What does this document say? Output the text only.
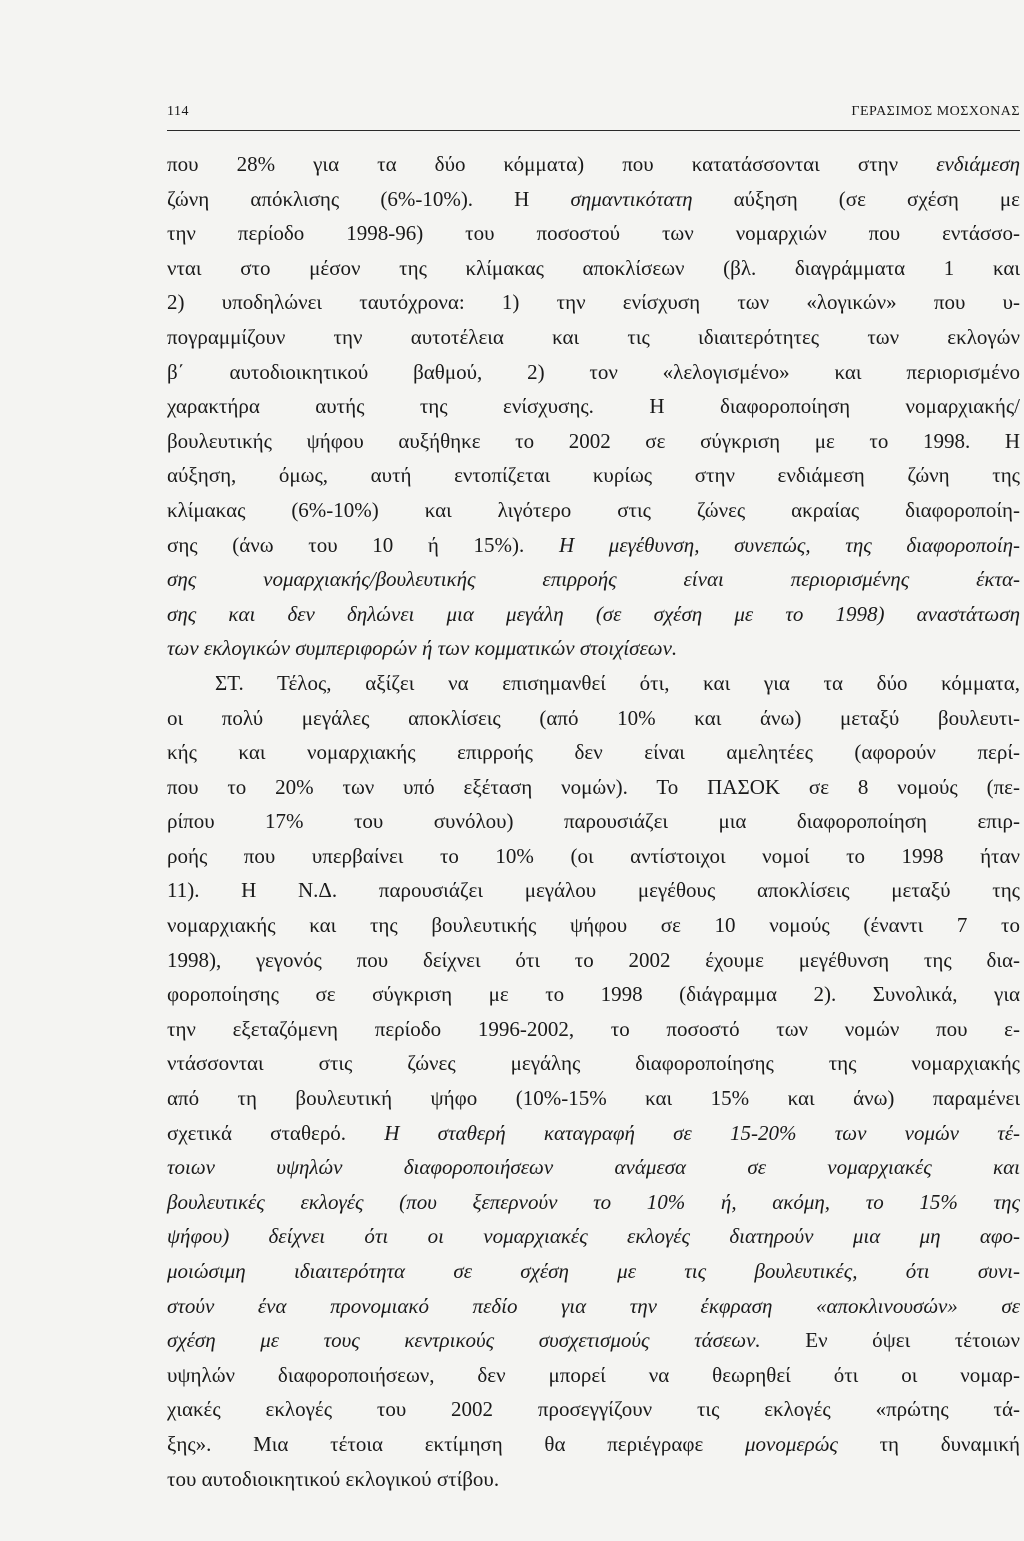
114	ΓΕΡΑΣΙΜΟΣ ΜΟΣΧΟΝΑΣ
που 28% για τα δύο κόμματα) που κατατάσσονται στην ενδιάμεση
ζώνη απόκλισης (6%-10%). Η σημαντικότατη αύξηση (σε σχέση με
την περίοδο 1998-96) του ποσοστού των νομαρχιών που εντάσσο-
νται στο μέσον της κλίμακας αποκλίσεων (βλ. διαγράμματα 1 και
2) υποδηλώνει ταυτόχρονα: 1) την ενίσχυση των «λογικών» που υ-
πογραμμίζουν την αυτοτέλεια και τις ιδιαιτερότητες των εκλογών
β΄ αυτοδιοικητικού βαθμού, 2) τον «λελογισμένο» και περιορισμένο
χαρακτήρα αυτής της ενίσχυσης. Η διαφοροποίηση νομαρχιακής/
βουλευτικής ψήφου αυξήθηκε το 2002 σε σύγκριση με το 1998. Η
αύξηση, όμως, αυτή εντοπίζεται κυρίως στην ενδιάμεση ζώνη της
κλίμακας (6%-10%) και λιγότερο στις ζώνες ακραίας διαφοροποίη-
σης (άνω του 10 ή 15%). Η μεγέθυνση, συνεπώς, της διαφοροποίη-
σης νομαρχιακής/βουλευτικής επιρροής είναι περιορισμένης έκτα-
σης και δεν δηλώνει μια μεγάλη (σε σχέση με το 1998) αναστάτωση
των εκλογικών συμπεριφορών ή των κομματικών στοιχίσεων.
ΣΤ. Τέλος, αξίζει να επισημανθεί ότι, και για τα δύο κόμματα,
οι πολύ μεγάλες αποκλίσεις (από 10% και άνω) μεταξύ βουλευτι-
κής και νομαρχιακής επιρροής δεν είναι αμελητέες (αφορούν περί-
που το 20% των υπό εξέταση νομών). Το ΠΑΣΟΚ σε 8 νομούς (πε-
ρίπου 17% του συνόλου) παρουσιάζει μια διαφοροποίηση επιρ-
ροής που υπερβαίνει το 10% (οι αντίστοιχοι νομοί το 1998 ήταν
11). Η Ν.Δ. παρουσιάζει μεγάλου μεγέθους αποκλίσεις μεταξύ της
νομαρχιακής και της βουλευτικής ψήφου σε 10 νομούς (έναντι 7 το
1998), γεγονός που δείχνει ότι το 2002 έχουμε μεγέθυνση της δια-
φοροποίησης σε σύγκριση με το 1998 (διάγραμμα 2). Συνολικά, για
την εξεταζόμενη περίοδο 1996-2002, το ποσοστό των νομών που ε-
ντάσσονται στις ζώνες μεγάλης διαφοροποίησης της νομαρχιακής
από τη βουλευτική ψήφο (10%-15% και 15% και άνω) παραμένει
σχετικά σταθερό. Η σταθερή καταγραφή σε 15-20% των νομών τέ-
τοιων υψηλών διαφοροποιήσεων ανάμεσα σε νομαρχιακές και
βουλευτικές εκλογές (που ξεπερνούν το 10% ή, ακόμη, το 15% της
ψήφου) δείχνει ότι οι νομαρχιακές εκλογές διατηρούν μια μη αφο-
μοιώσιμη ιδιαιτερότητα σε σχέση με τις βουλευτικές, ότι συνι-
στούν ένα προνομιακό πεδίο για την έκφραση «αποκλινουσών» σε
σχέση με τους κεντρικούς συσχετισμούς τάσεων. Εν όψει τέτοιων
υψηλών διαφοροποιήσεων, δεν μπορεί να θεωρηθεί ότι οι νομαρ-
χιακές εκλογές του 2002 προσεγγίζουν τις εκλογές «πρώτης τά-
ξης». Μια τέτοια εκτίμηση θα περιέγραφε μονομερώς τη δυναμική
του αυτοδιοικητικού εκλογικού στίβου.
